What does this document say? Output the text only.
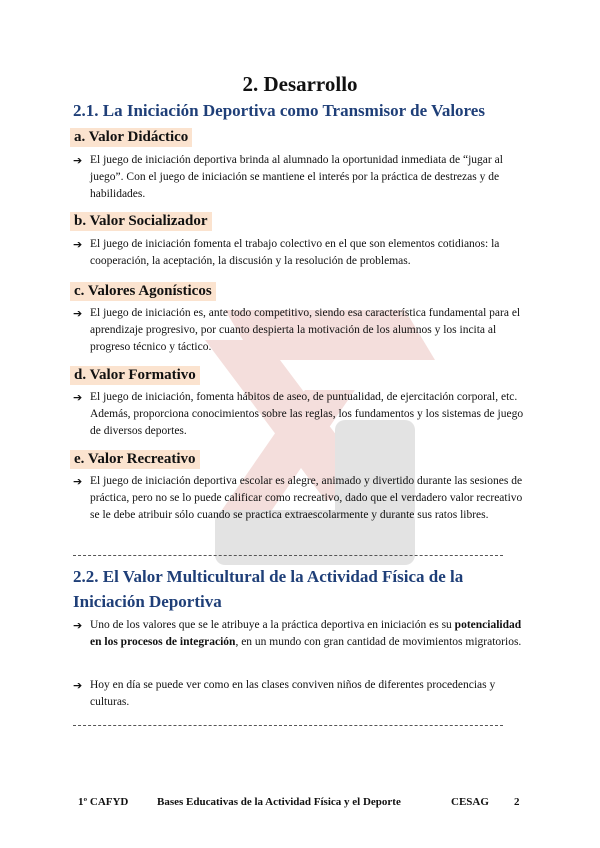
2. Desarrollo
2.1. La Iniciación Deportiva como Transmisor de Valores
a. Valor Didáctico
➔ El juego de iniciación deportiva brinda al alumnado la oportunidad inmediata de “jugar al juego”. Con el juego de iniciación se mantiene el interés por la práctica de destrezas y de habilidades.
b. Valor Socializador
➔ El juego de iniciación fomenta el trabajo colectivo en el que son elementos cotidianos: la cooperación, la aceptación, la discusión y la resolución de problemas.
c. Valores Agonísticos
➔ El juego de iniciación es, ante todo competitivo, siendo esa característica fundamental para el aprendizaje progresivo, por cuanto despierta la motivación de los alumnos y los incita al progreso técnico y táctico.
d. Valor Formativo
➔ El juego de iniciación, fomenta hábitos de aseo, de puntualidad, de ejercitación corporal, etc. Además, proporciona conocimientos sobre las reglas, los fundamentos y los sistemas de juego de diversos deportes.
e. Valor Recreativo
➔ El juego de iniciación deportiva escolar es alegre, animado y divertido durante las sesiones de práctica, pero no se lo puede calificar como recreativo, dado que el verdadero valor recreativo se le debe atribuir sólo cuando se practica extraescolarmente y durante sus ratos libres.
2.2. El Valor Multicultural de la Actividad Física de la
Iniciación Deportiva
➔ Uno de los valores que se le atribuye a la práctica deportiva en iniciación es su potencialidad en los procesos de integración, en un mundo con gran cantidad de movimientos migratorios.
➔ Hoy en día se puede ver como en las clases conviven niños de diferentes procedencias y culturas.
1º CAFYD	Bases Educativas de la Actividad Física y el Deporte	CESAG 2
